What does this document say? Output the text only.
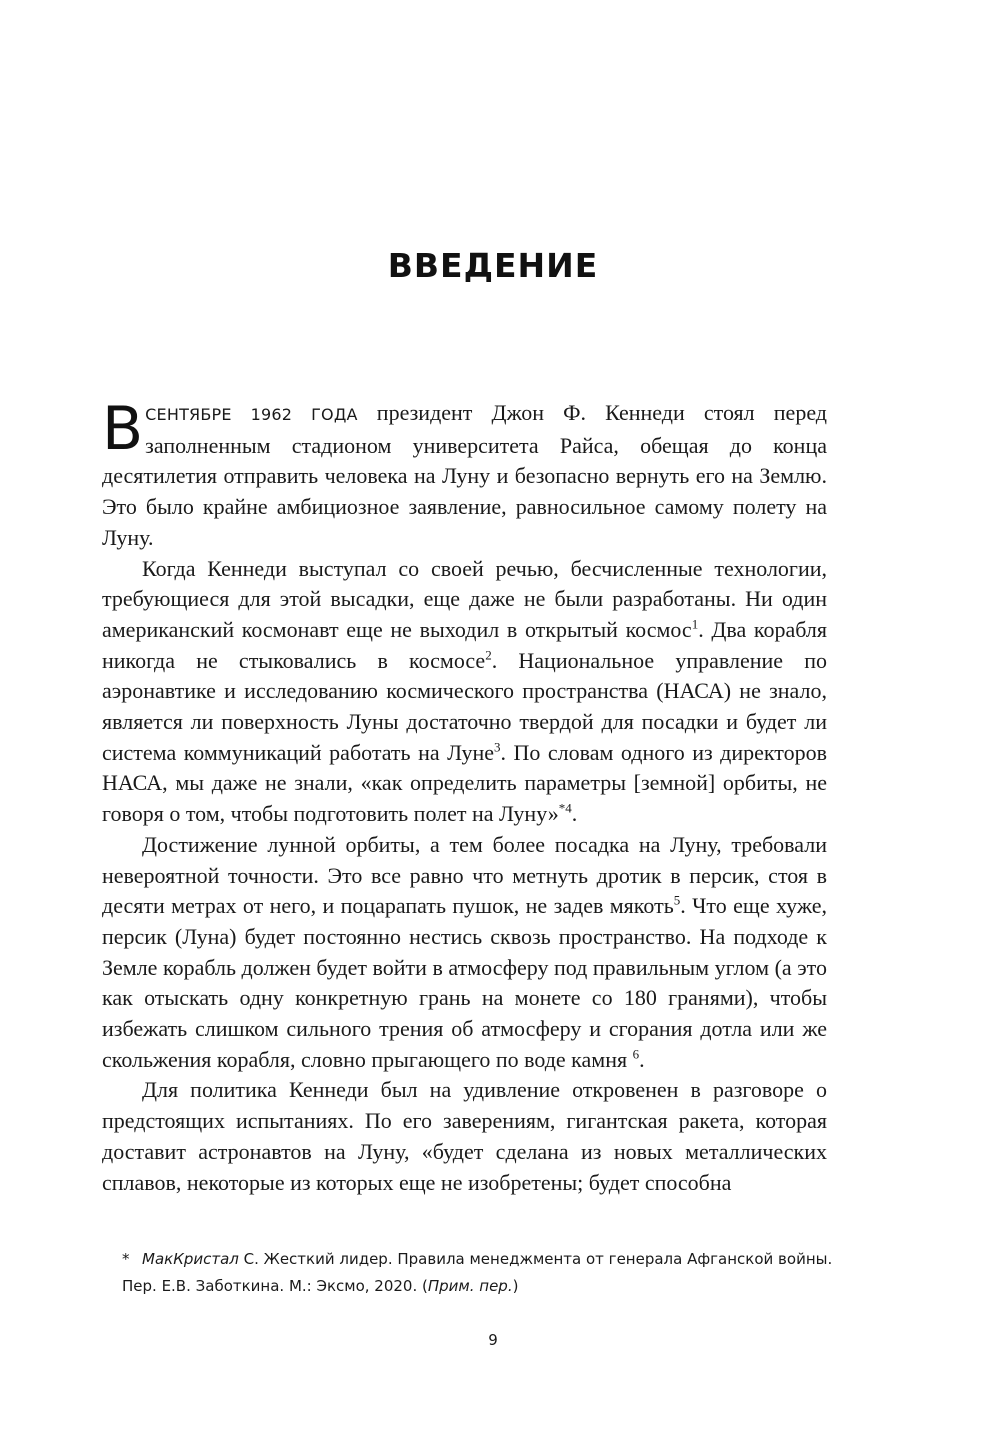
ВВЕДЕНИЕ

ВСЕНТЯБРЕ 1962 ГОДА президент Джон Ф. Кеннеди стоял перед заполненным стадионом университета Райса, обещая до конца десятилетия отправить человека на Луну и безопасно вернуть его на Землю. Это было крайне амбициозное заявление, равносильное самому полету на Луну.

Когда Кеннеди выступал со своей речью, бесчисленные технологии, требующиеся для этой высадки, еще даже не были разработаны. Ни один американский космонавт еще не выходил в открытый космос$^1$. Два корабля никогда не стыковались в космосе$^2$. Национальное управление по аэронавтике и исследованию космического пространства (НАСА) не знало, является ли поверхность Луны достаточно твердой для посадки и будет ли система коммуникаций работать на Луне$^3$. По словам одного из директоров НАСА, мы даже не знали, «как определить параметры [земной] орбиты, не говоря о том, чтобы подготовить полет на Луну»$^{*4}$.

Достижение лунной орбиты, а тем более посадка на Луну, требовали невероятной точности. Это все равно что метнуть дротик в персик, стоя в десяти метрах от него, и поцарапать пушок, не задев мякоть$^5$. Что еще хуже, персик (Луна) будет постоянно нестись сквозь пространство. На подходе к Земле корабль должен будет войти в атмосферу под правильным углом (а это как отыскать одну конкретную грань на монете со 180 гранями), чтобы избежать слишком сильного трения об атмосферу и сгорания дотла или же скольжения корабля, словно прыгающего по воде камня $^6$.

Для политика Кеннеди был на удивление откровенен в разговоре о предстоящих испытаниях. По его заверениям, гигантская ракета, которая доставит астронавтов на Луну, «будет сделана из новых металлических сплавов, некоторые из которых еще не изобретены; будет способна

* МакКристал С. Жесткий лидер. Правила менеджмента от генерала Афганской войны. Пер. Е.В. Заботкина. М.: Эксмо, 2020. (Прим. пер.)
9
